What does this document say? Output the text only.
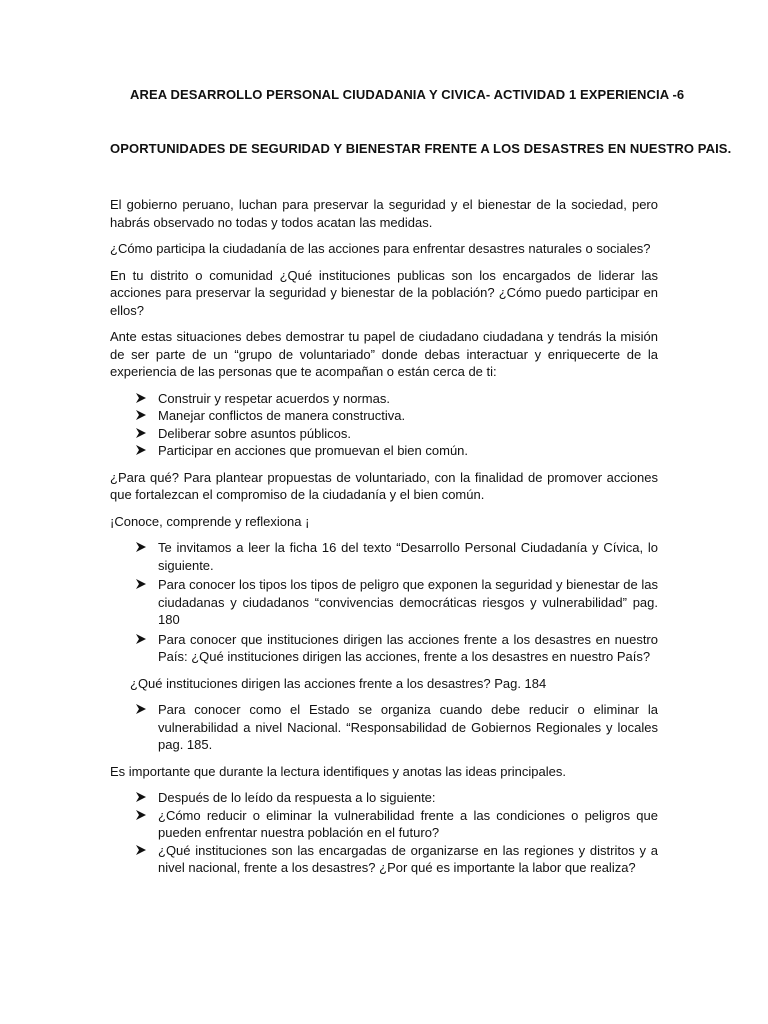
AREA DESARROLLO PERSONAL CIUDADANIA Y CIVICA- ACTIVIDAD 1 EXPERIENCIA -6
OPORTUNIDADES DE SEGURIDAD Y BIENESTAR FRENTE A LOS DESASTRES EN NUESTRO PAIS.

El gobierno peruano, luchan para preservar la seguridad y el bienestar de la sociedad, pero habrás observado no todas y todos acatan las medidas.

¿Cómo participa la ciudadanía de las acciones para enfrentar desastres naturales o sociales?

En tu distrito o comunidad ¿Qué instituciones publicas son los encargados de liderar las acciones para preservar la seguridad y bienestar de la población? ¿Cómo puedo participar en ellos?

Ante estas situaciones debes demostrar tu papel de ciudadano ciudadana y tendrás la misión de ser parte de un “grupo de voluntariado” donde debas interactuar y enriquecerte de la experiencia de las personas que te acompañan o están cerca de ti:

Construir y respetar acuerdos y normas.
Manejar conflictos de manera constructiva.
Deliberar sobre asuntos públicos.
Participar en acciones que promuevan el bien común.

¿Para qué? Para plantear propuestas de voluntariado, con la finalidad de promover acciones que fortalezcan el compromiso de la ciudadanía y el bien común.

¡Conoce, comprende y reflexiona ¡

Te invitamos a leer la ficha 16 del texto “Desarrollo Personal Ciudadanía y Cívica, lo siguiente.
Para conocer los tipos los tipos de peligro que exponen la seguridad y bienestar de las ciudadanas y ciudadanos “convivencias democráticas riesgos y vulnerabilidad” pag. 180
Para conocer que instituciones dirigen las acciones frente a los desastres en nuestro País: ¿Qué instituciones dirigen las acciones, frente a los desastres en nuestro País?

¿Qué instituciones dirigen las acciones frente a los desastres? Pag. 184

Para conocer como el Estado se organiza cuando debe reducir o eliminar la vulnerabilidad a nivel Nacional. “Responsabilidad de Gobiernos Regionales y locales pag. 185.

Es importante que durante la lectura identifiques y anotas las ideas principales.

Después de lo leído da respuesta a lo siguiente:
¿Cómo reducir o eliminar la vulnerabilidad frente a las condiciones o peligros que pueden enfrentar nuestra población en el futuro?
¿Qué instituciones son las encargadas de organizarse en las regiones y distritos y a nivel nacional, frente a los desastres? ¿Por qué es importante la labor que realiza?
